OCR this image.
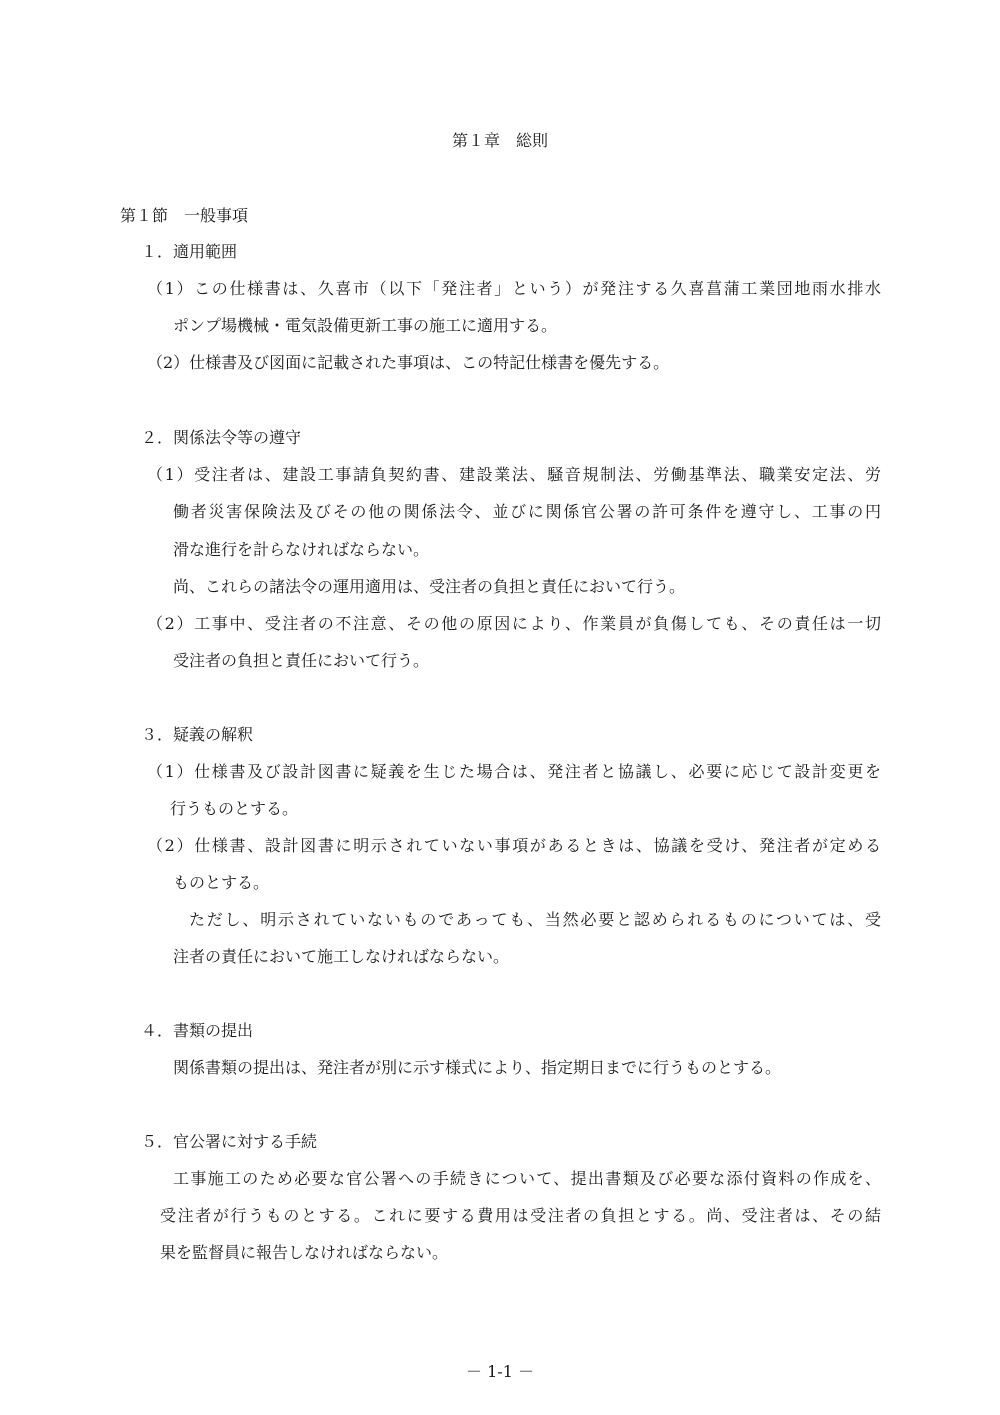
第１章　総則
第１節　一般事項
１．適用範囲
（1）この仕様書は、久喜市（以下「発注者」という）が発注する久喜菖蒲工業団地雨水排水
ポンプ場機械・電気設備更新工事の施工に適用する。
（2）仕様書及び図面に記載された事項は、この特記仕様書を優先する。
２．関係法令等の遵守
（1）受注者は、建設工事請負契約書、建設業法、騒音規制法、労働基準法、職業安定法、労
働者災害保険法及びその他の関係法令、並びに関係官公署の許可条件を遵守し、工事の円
滑な進行を計らなければならない。
尚、これらの諸法令の運用適用は、受注者の負担と責任において行う。
（2）工事中、受注者の不注意、その他の原因により、作業員が負傷しても、その責任は一切
受注者の負担と責任において行う。
３．疑義の解釈
（1）仕様書及び設計図書に疑義を生じた場合は、発注者と協議し、必要に応じて設計変更を
行うものとする。
（2）仕様書、設計図書に明示されていない事項があるときは、協議を受け、発注者が定める
ものとする。
ただし、明示されていないものであっても、当然必要と認められるものについては、受
注者の責任において施工しなければならない。
４．書類の提出
関係書類の提出は、発注者が別に示す様式により、指定期日までに行うものとする。
５．官公署に対する手続
工事施工のため必要な官公署への手続きについて、提出書類及び必要な添付資料の作成を、
受注者が行うものとする。これに要する費用は受注者の負担とする。尚、受注者は、その結
果を監督員に報告しなければならない。
－ 1-1 －
